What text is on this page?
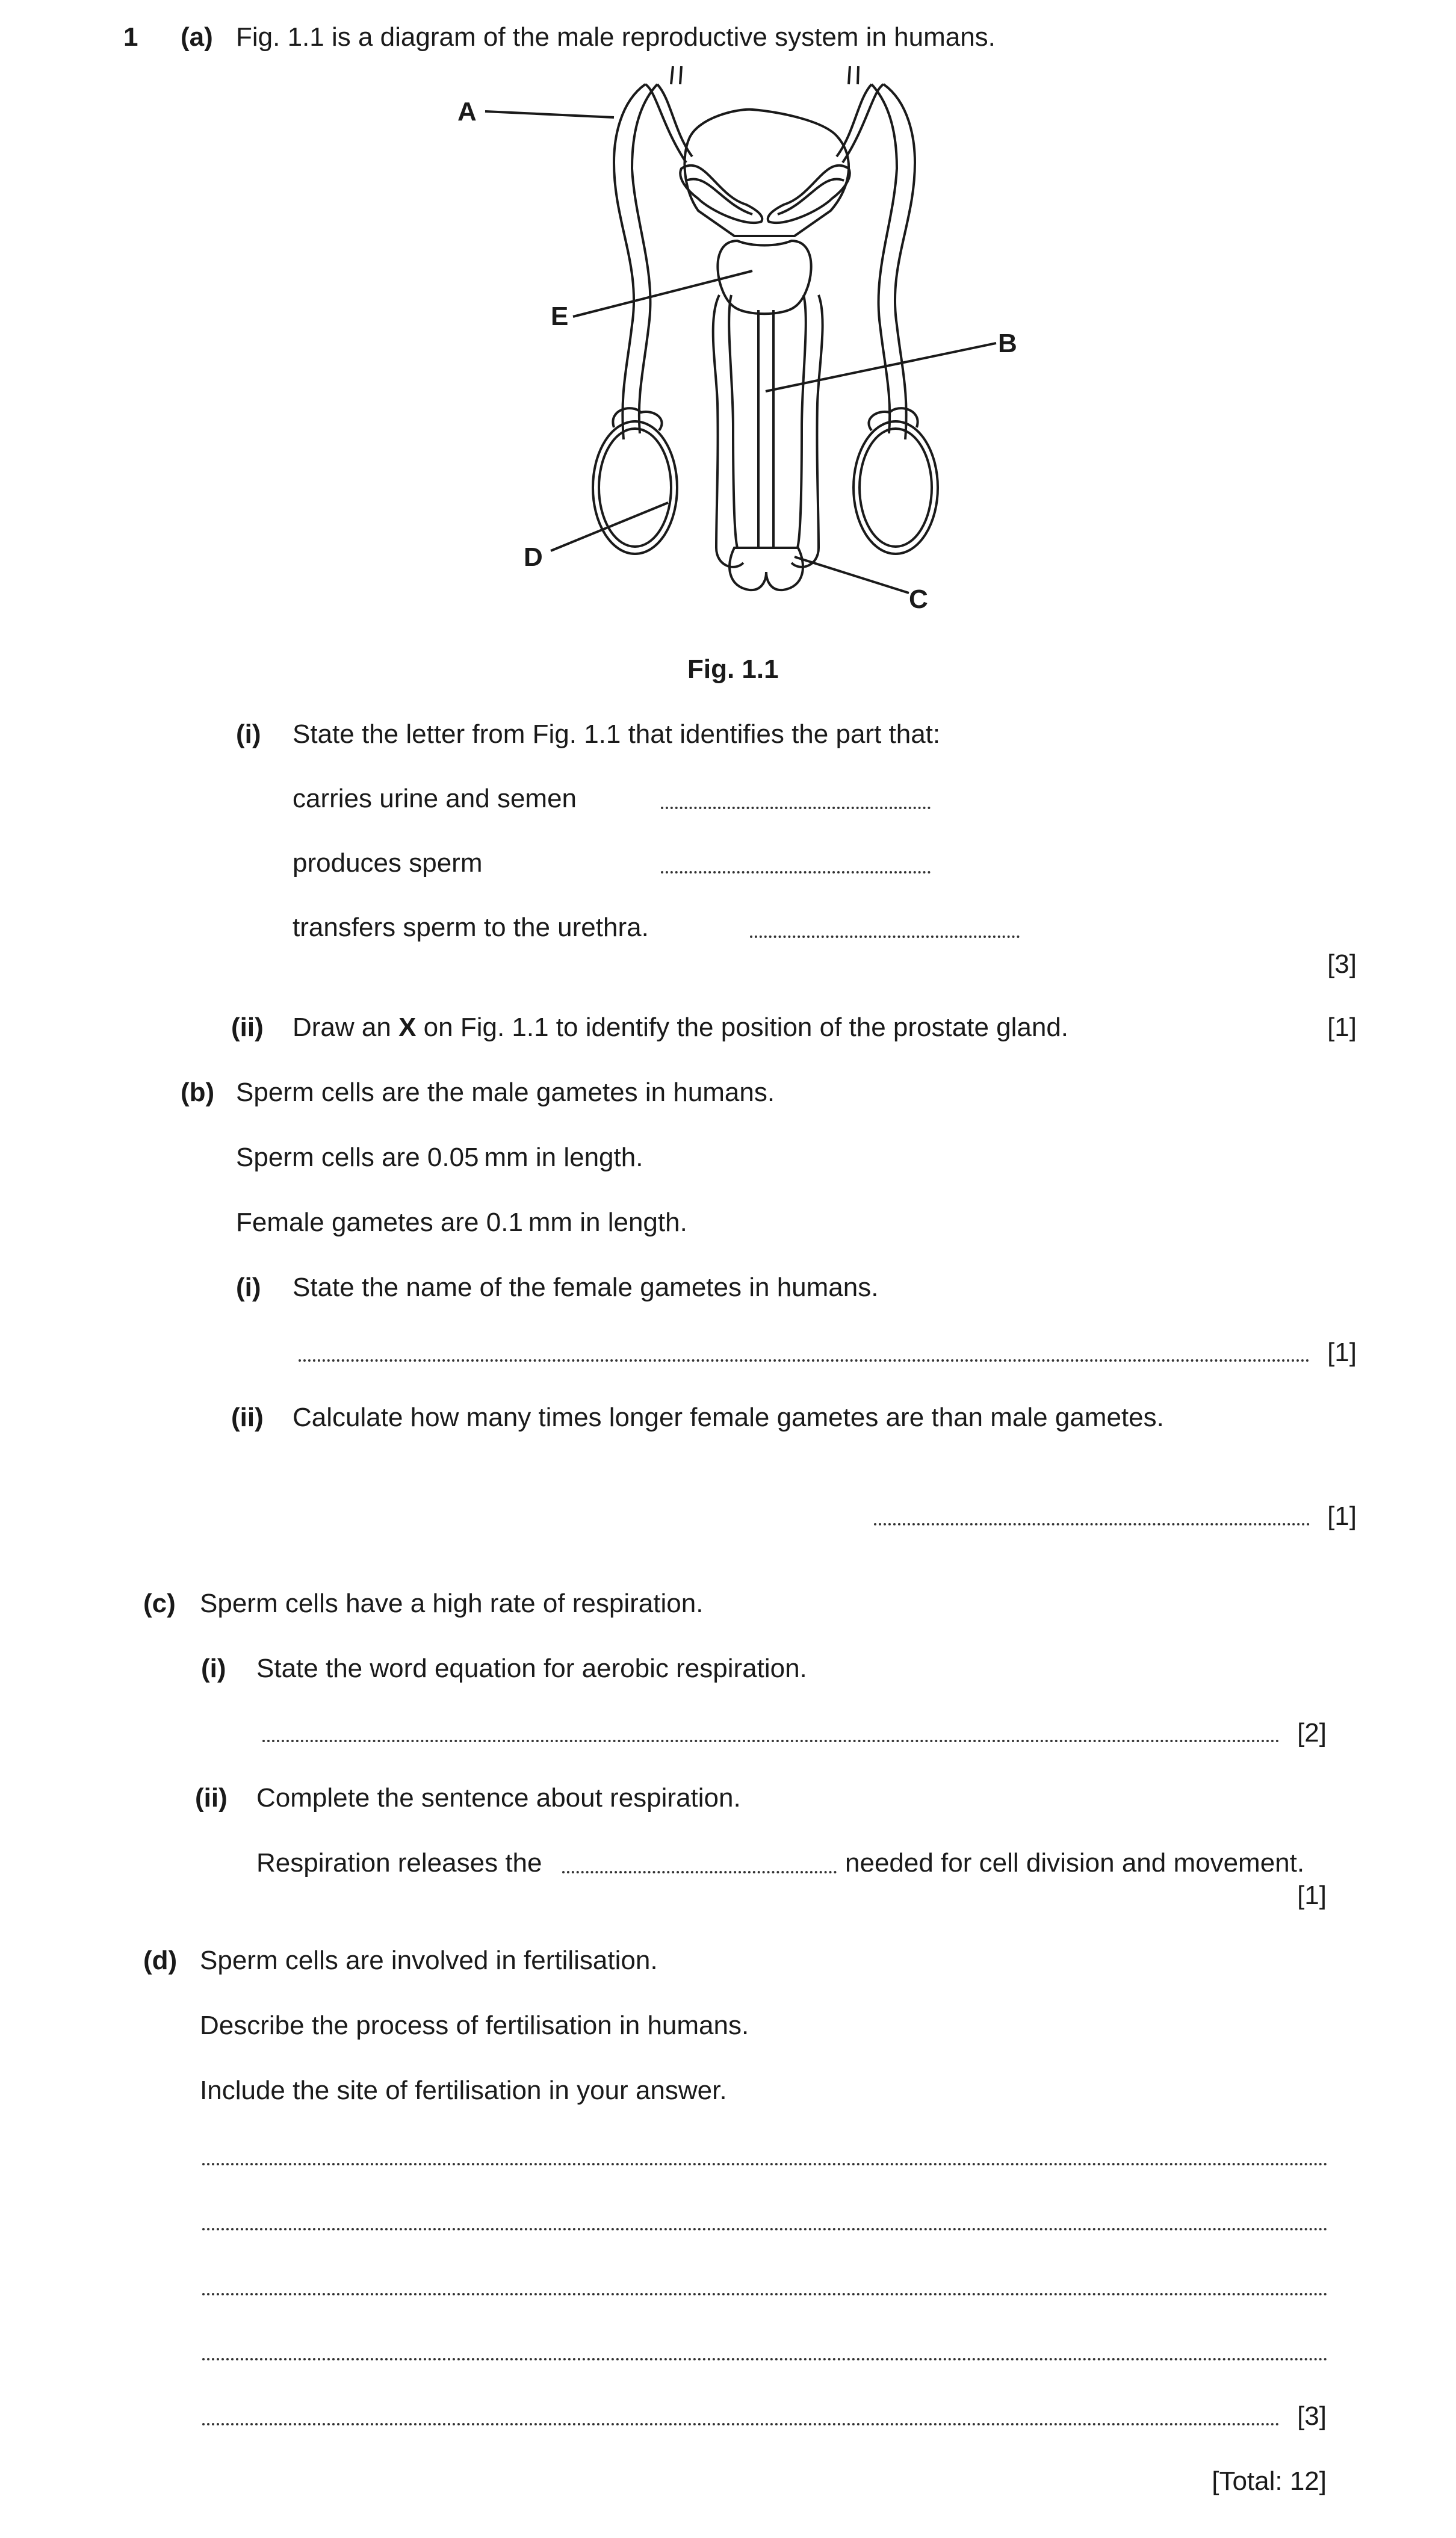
1 (a) Fig. 1.1 is a diagram of the male reproductive system in humans.
A
B
C
D
E
Fig. 1.1
(i) State the letter from Fig. 1.1 that identifies the part that:
carries urine and semen
produces sperm
transfers sperm to the urethra.
[3]
(ii) Draw an X on Fig. 1.1 to identify the position of the prostate gland.	[1]
(b) Sperm cells are the male gametes in humans.
Sperm cells are 0.05 mm in length.
Female gametes are 0.1 mm in length.
(i) State the name of the female gametes in humans.
[1]
(ii) Calculate how many times longer female gametes are than male gametes.
[1]
(c) Sperm cells have a high rate of respiration.
(i) State the word equation for aerobic respiration.
[2]
(ii) Complete the sentence about respiration.
Respiration releases the	needed for cell division and movement.
[1]
(d) Sperm cells are involved in fertilisation.
Describe the process of fertilisation in humans.
Include the site of fertilisation in your answer.
[3]
[Total: 12]
